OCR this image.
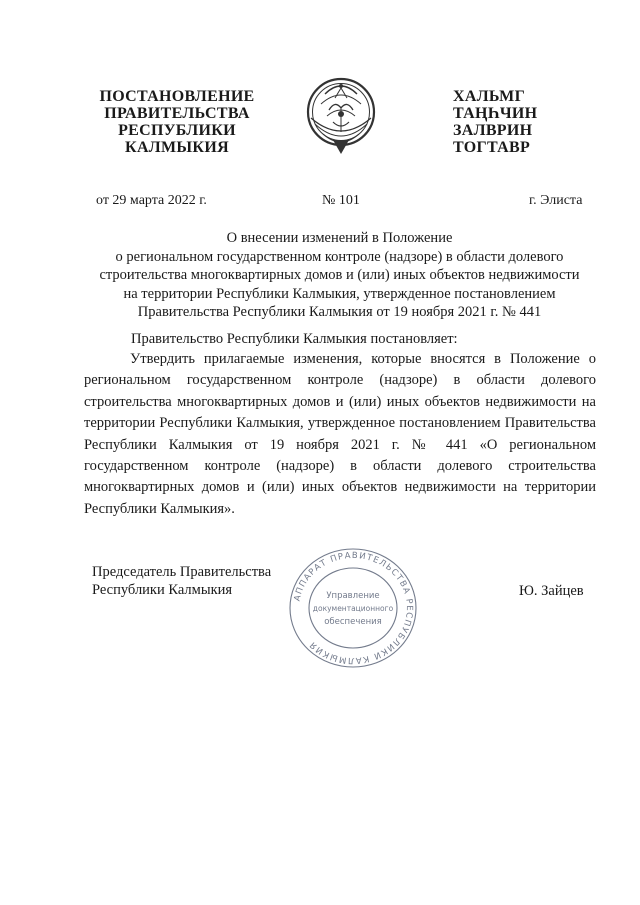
ПОСТАНОВЛЕНИЕ
ПРАВИТЕЛЬСТВА
РЕСПУБЛИКИ
КАЛМЫКИЯ
ХАЛЬМГ
ТАҢҺЧИН
ЗАЛВРИН
ТОГТАВР
от 29 марта 2022 г.	№ 101	г. Элиста
О внесении изменений в Положение
о региональном государственном контроле (надзоре) в области долевого
строительства многоквартирных домов и (или) иных объектов недвижимости
на территории Республики Калмыкия, утвержденное постановлением
Правительства Республики Калмыкия от 19 ноября 2021 г. № 441
Правительство Республики Калмыкия постановляет:
Утвердить прилагаемые изменения, которые вносятся в Положение о региональном государственном контроле (надзоре) в области долевого строительства многоквартирных домов и (или) иных объектов недвижимости на территории Республики Калмыкия, утвержденное постановлением Правительства Республики Калмыкия от 19 ноября 2021 г. № 441 «О региональном государственном контроле (надзоре) в области долевого строительства многоквартирных домов и (или) иных объектов недвижимости на территории Республики Калмыкия».
Председатель Правительства
Республики Калмыкия	Ю. Зайцев
АППАРАТ ПРАВИТЕЛЬСТВА РЕСПУБЛИКИ КАЛМЫКИЯ
Управление
документационного
обеспечения
